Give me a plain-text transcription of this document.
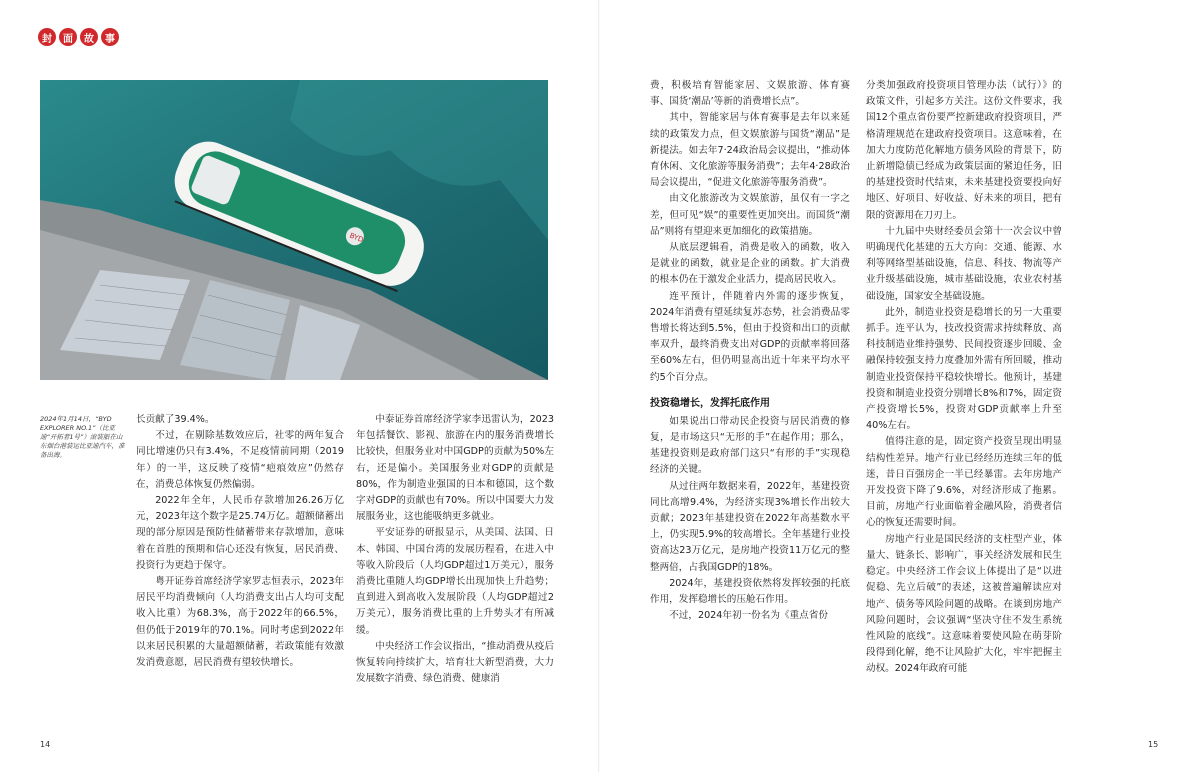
封	面	故	事
BYD
2024年1月14日，“BYD EXPLORER NO.1”（比亚迪“开拓者1号”）滚装船在山东烟台港装运比亚迪汽车，准备出海。

长贡献了39.4%。

不过，在剔除基数效应后，社零的两年复合同比增速仍只有3.4%，不足疫情前同期（2019年）的一半，这反映了疫情“疤痕效应”仍然存在，消费总体恢复仍然偏弱。

2022年全年，人民币存款增加26.26万亿元，2023年这个数字是25.74万亿。超额储蓄出现的部分原因是预防性储蓄带来存款增加，意味着在首胜的预期和信心还没有恢复，居民消费、投资行为更趋于保守。

粤开证券首席经济学家罗志恒表示，2023年居民平均消费倾向（人均消费支出占人均可支配收入比重）为68.3%，高于2022年的66.5%，但仍低于2019年的70.1%。同时考虑到2022年以来居民积累的大量超额储蓄，若政策能有效激发消费意愿，居民消费有望较快增长。

中泰证券首席经济学家李迅雷认为，2023年包括餐饮、影视、旅游在内的服务消费增长比较快，但服务业对中国GDP的贡献为50%左右，还是偏小。美国服务业对GDP的贡献是80%，作为制造业强国的日本和德国，这个数字对GDP的贡献也有70%。所以中国要大力发展服务业，这也能吸纳更多就业。

平安证券的研报显示，从美国、法国、日本、韩国、中国台湾的发展历程看，在进入中等收入阶段后（人均GDP超过1万美元），服务消费比重随人均GDP增长出现加快上升趋势；直到进入到高收入发展阶段（人均GDP超过2万美元），服务消费比重的上升势头才有所减缓。

中央经济工作会议指出，“推动消费从疫后恢复转向持续扩大，培育壮大新型消费，大力发展数字消费、绿色消费、健康消

14

费，积极培育智能家居、文娱旅游、体育赛事、国货‘潮品’等新的消费增长点”。

其中，智能家居与体育赛事是去年以来延续的政策发力点，但文娱旅游与国货“潮品”是新提法。如去年7·24政治局会议提出，“推动体育休闲、文化旅游等服务消费”；去年4·28政治局会议提出，“促进文化旅游等服务消费”。

由文化旅游改为文娱旅游，虽仅有一字之差，但可见“娱”的重要性更加突出。而国货“潮品”则将有望迎来更加细化的政策措施。

从底层逻辑看，消费是收入的函数，收入是就业的函数，就业是企业的函数。扩大消费的根本仍在于激发企业活力，提高居民收入。

连平预计，伴随着内外需的逐步恢复，2024年消费有望延续复苏态势，社会消费品零售增长将达到5.5%，但由于投资和出口的贡献率双升，最终消费支出对GDP的贡献率将回落至60%左右，但仍明显高出近十年来平均水平约5个百分点。

投资稳增长，发挥托底作用

如果说出口带动民企投资与居民消费的修复，是市场这只“无形的手”在起作用；那么，基建投资则是政府部门这只“有形的手”实现稳经济的关键。

从过往两年数据来看，2022年，基建投资同比高增9.4%，为经济实现3%增长作出较大贡献；2023年基建投资在2022年高基数水平上，仍实现5.9%的较高增长。全年基建行业投资高达23万亿元，是房地产投资11万亿元的整整两倍，占我国GDP的18%。

2024年，基建投资依然将发挥较强的托底作用，发挥稳增长的压舱石作用。

不过，2024年初一份名为《重点省份

分类加强政府投资项目管理办法（试行）》的政策文件，引起多方关注。这份文件要求，我国12个重点省份要严控新建政府投资项目，严格清理规范在建政府投资项目。这意味着，在加大力度防范化解地方债务风险的背景下，防止新增隐债已经成为政策层面的紧迫任务，旧的基建投资时代结束，未来基建投资要投向好地区、好项目、好收益、好未来的项目，把有限的资源用在刀刃上。

十九届中央财经委员会第十一次会议中曾明确现代化基建的五大方向：交通、能源、水利等网络型基础设施，信息、科技、物流等产业升级基础设施，城市基础设施，农业农村基础设施，国家安全基础设施。

此外，制造业投资是稳增长的另一大重要抓手。连平认为，技改投资需求持续释放、高科技制造业维持强势、民间投资逐步回暖、金融保持较强支持力度叠加外需有所回暖，推动制造业投资保持平稳较快增长。他预计，基建投资和制造业投资分别增长8%和7%，固定资产投资增长5%，投资对GDP贡献率上升至40%左右。

值得注意的是，固定资产投资呈现出明显结构性差异。地产行业已经经历连续三年的低迷，昔日百强房企一半已经暴雷。去年房地产开发投资下降了9.6%，对经济形成了拖累。目前，房地产行业面临着金融风险，消费者信心的恢复还需要时间。

房地产行业是国民经济的支柱型产业，体量大、链条长、影响广，事关经济发展和民生稳定。中央经济工作会议上体提出了是“以进促稳、先立后破”的表述，这被普遍解读应对地产、债务等风险问题的战略。在谈到房地产风险问题时，会议强调“坚决守住不发生系统性风险的底线”。这意味着要使风险在萌芽阶段得到化解，绝不让风险扩大化，牢牢把握主动权。2024年政府可能

15
